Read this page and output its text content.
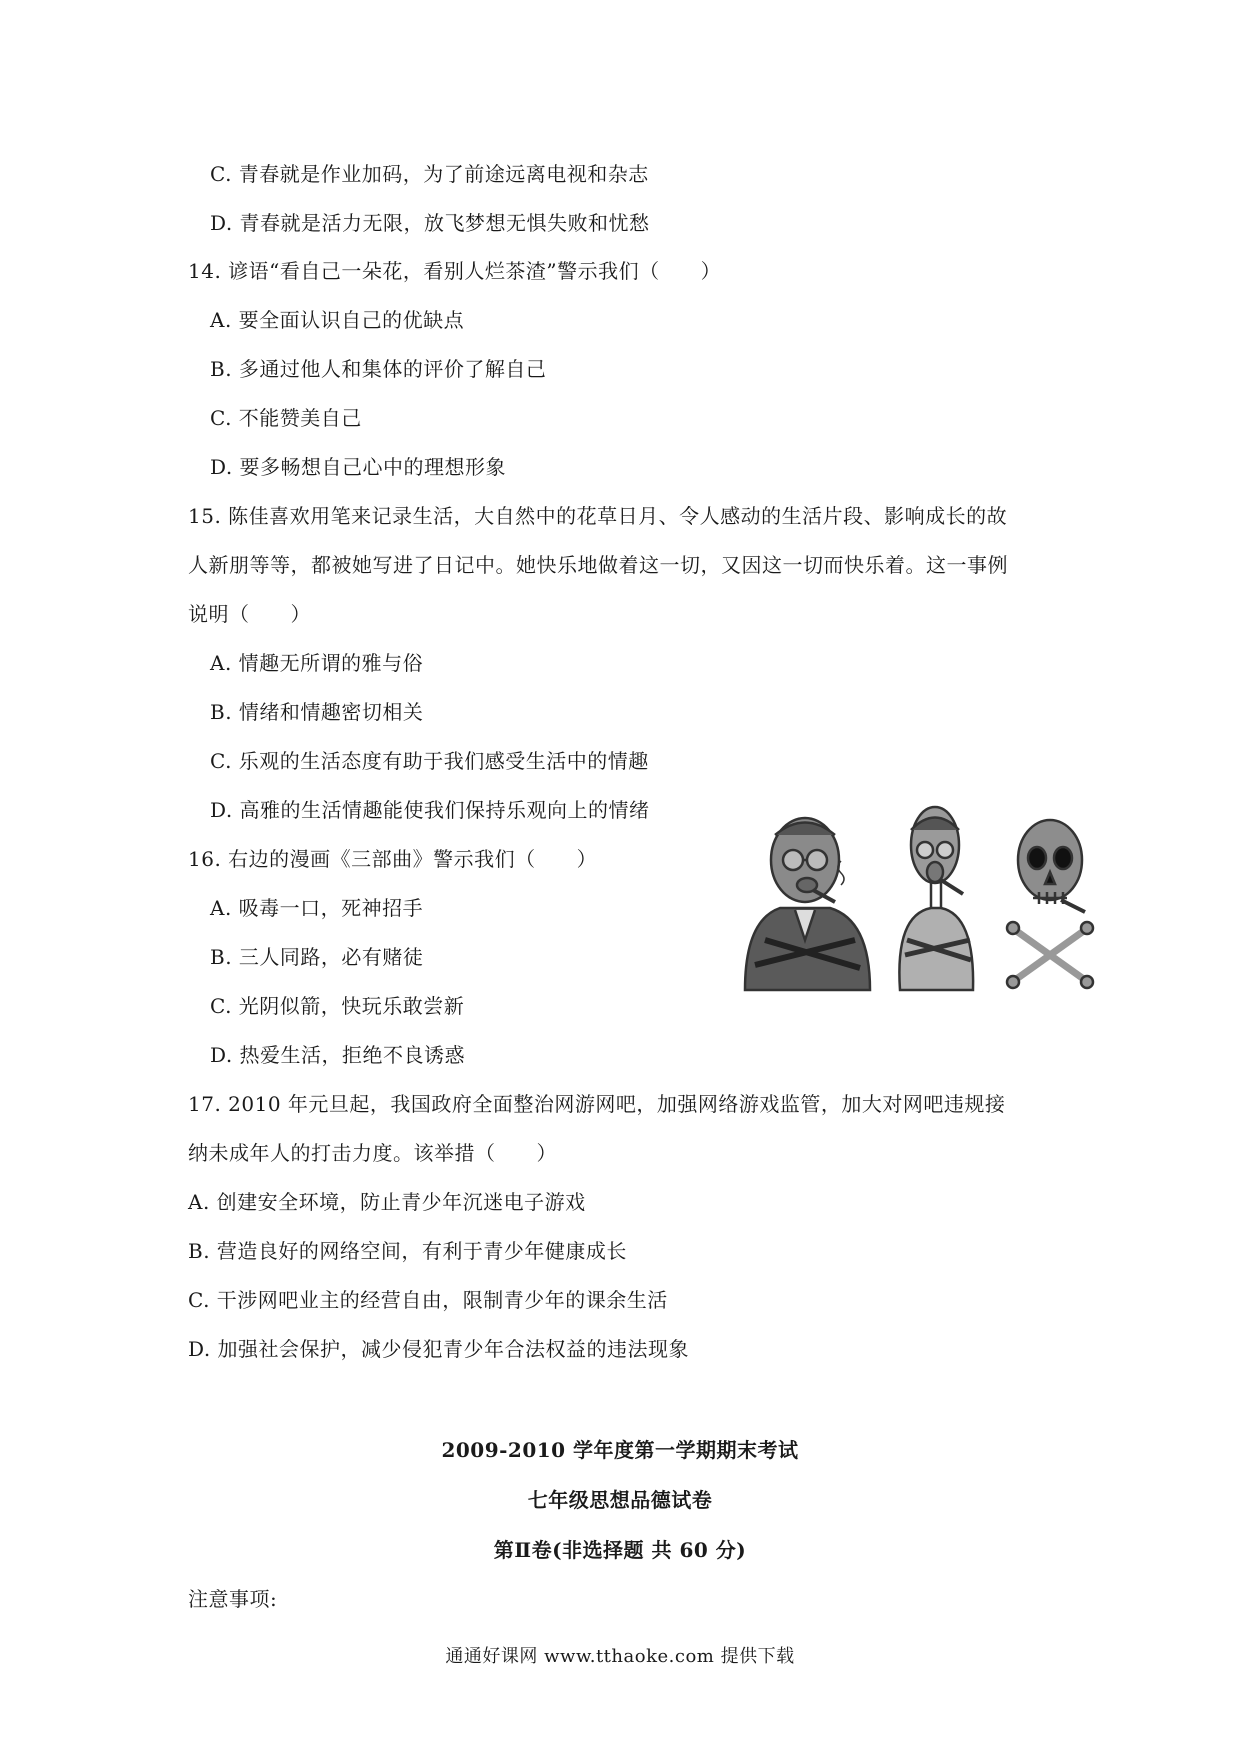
C. 青春就是作业加码，为了前途远离电视和杂志
D. 青春就是活力无限，放飞梦想无惧失败和忧愁
14. 谚语“看自己一朵花，看别人烂茶渣”警示我们（　　）
A. 要全面认识自己的优缺点
B. 多通过他人和集体的评价了解自己
C. 不能赞美自己
D. 要多畅想自己心中的理想形象
15. 陈佳喜欢用笔来记录生活，大自然中的花草日月、令人感动的生活片段、影响成长的故
人新朋等等，都被她写进了日记中。她快乐地做着这一切，又因这一切而快乐着。这一事例
说明（　　）
A. 情趣无所谓的雅与俗
B. 情绪和情趣密切相关
C. 乐观的生活态度有助于我们感受生活中的情趣
D. 高雅的生活情趣能使我们保持乐观向上的情绪
16. 右边的漫画《三部曲》警示我们（　　）
A. 吸毒一口，死神招手
B. 三人同路，必有赌徒
C. 光阴似箭，快玩乐敢尝新
D. 热爱生活，拒绝不良诱惑
17. 2010 年元旦起，我国政府全面整治网游网吧，加强网络游戏监管，加大对网吧违规接
纳未成年人的打击力度。该举措（　　）
A. 创建安全环境，防止青少年沉迷电子游戏
B. 营造良好的网络空间，有利于青少年健康成长
C. 干涉网吧业主的经营自由，限制青少年的课余生活
D. 加强社会保护，减少侵犯青少年合法权益的违法现象
2009-2010 学年度第一学期期末考试
七年级思想品德试卷
第Ⅱ卷(非选择题 共 60 分)
注意事项:
通通好课网 www.tthaoke.com 提供下载
